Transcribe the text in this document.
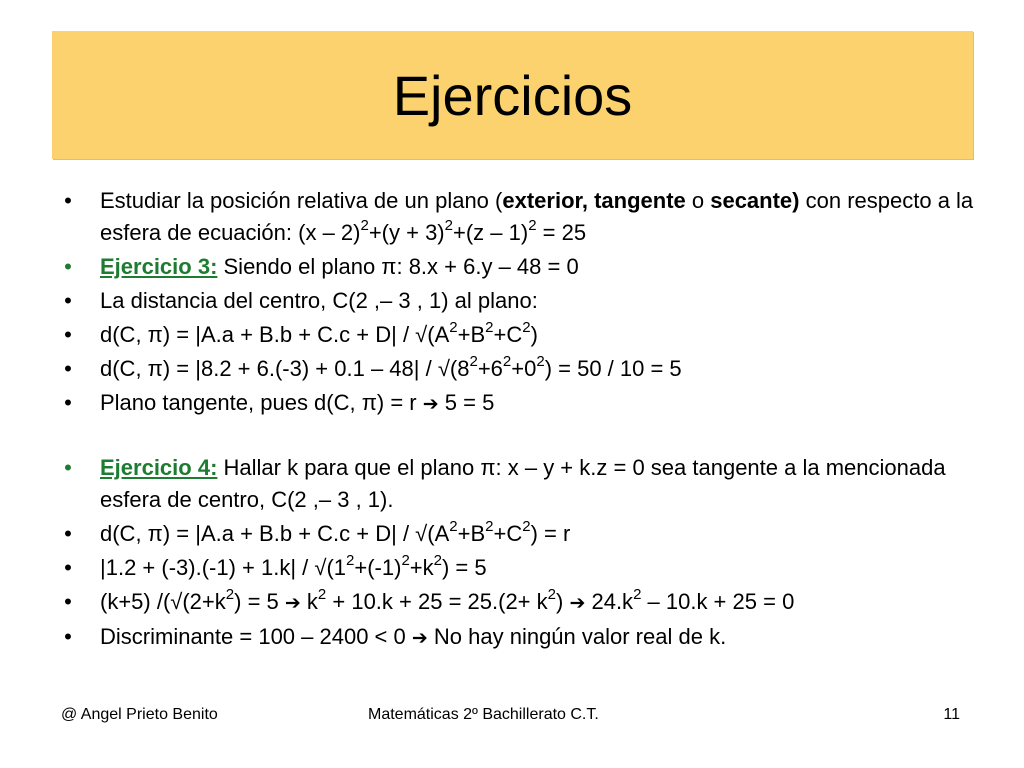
Ejercicios
• Estudiar la posición relativa de un plano (exterior, tangente o secante) con respecto a la esfera de ecuación: $(x - 2)^2+(y + 3)^2+(z - 1)^2 = 25$
• Ejercicio 3: Siendo el plano π: 8.x + 6.y – 48 = 0
• La distancia del centro, C(2 ,– 3 , 1) al plano:
• d(C, $\pi) = |A.a + B.b + C.c + D| / √(A^2+B^2+C^2)$
• d(C, $\pi) = |8.2 + 6.(-3) + 0.1 - 48| / √(8^2+6^2+0^2) = 50 / 10 = 5$
• Plano tangente, pues d(C, π) = r ➔ 5 = 5
• Ejercicio 4: Hallar k para que el plano π: x – y + k.z = 0 sea tangente a la mencionada esfera de centro, C(2 ,– 3 , 1).
• d(C, $\pi) = |A.a + B.b + C.c + D| / √(A^2+B^2+C^2) = r$
• $|1.2 + (-3).(-1) + 1.k| / √(1^2+(-1)^2+k^2) = 5$
• (k+5) $/(√(2+k^2) = 5$ ➔ $k^2 + 10.k + 25 = 25.(2+ k^2)$ ➔ $24.k^2 - 10.k + 25 = 0$
• Discriminante = 100 – 2400 < 0 ➔ No hay ningún valor real de k.
@ Angel Prieto Benito	Matemáticas 2º Bachillerato C.T.	11
